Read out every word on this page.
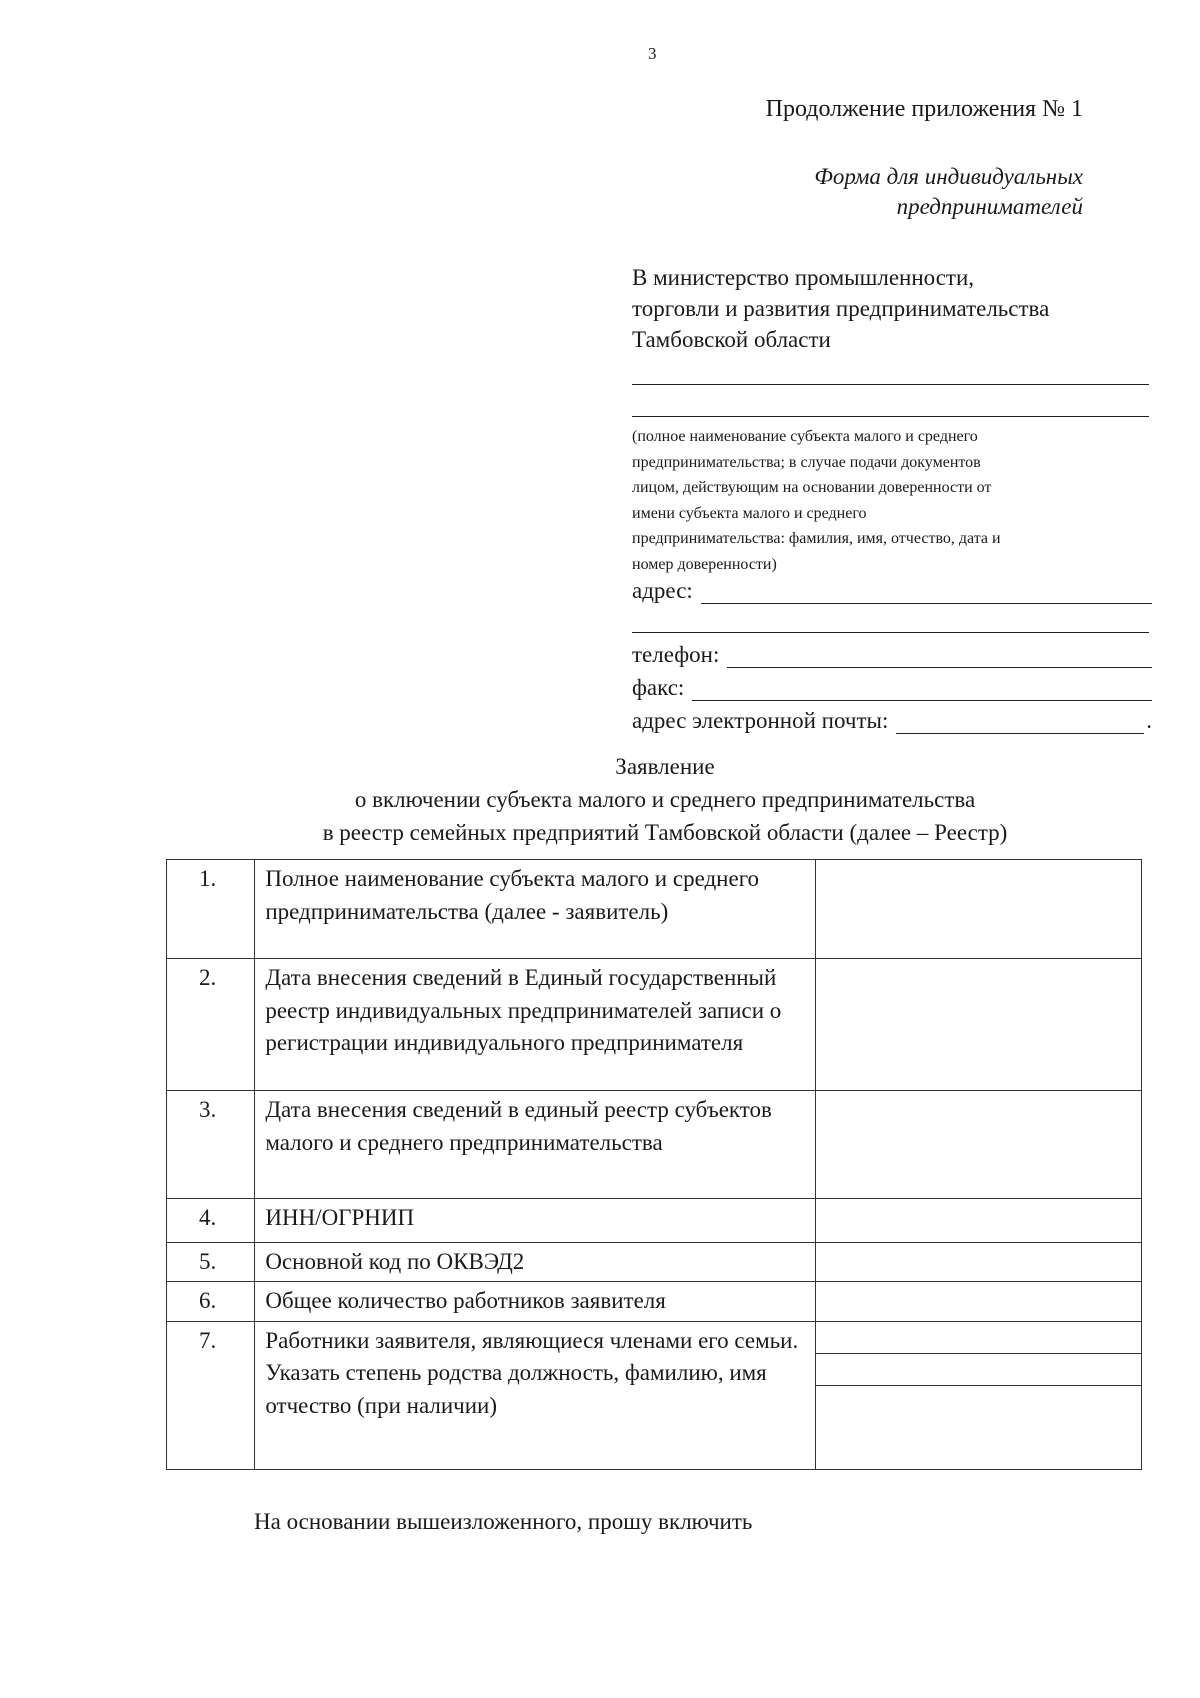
3
Продолжение приложения № 1
Форма для индивидуальных
предпринимателей
В министерство промышленности,
торговли и развития предпринимательства
Тамбовской области
(полное наименование субъекта малого и среднего
предпринимательства; в случае подачи документов
лицом, действующим на основании доверенности от
имени субъекта малого и среднего
предпринимательства: фамилия, имя, отчество, дата и
номер доверенности)
адрес:
телефон:
факс:
адрес электронной почты:	.
Заявление
о включении субъекта малого и среднего предпринимательства
в реестр семейных предприятий Тамбовской области (далее – Реестр)
1.	Полное наименование субъекта малого и среднего предпринимательства (далее - заявитель)	
2.	Дата внесения сведений в Единый государственный реестр индивидуальных предпринимателей записи о регистрации индивидуального предпринимателя	
3.	Дата внесения сведений в единый реестр субъектов малого и среднего предпринимательства	
4.	ИНН/ОГРНИП	
5.	Основной код по ОКВЭД2	
6.	Общее количество работников заявителя	
7.	Работники заявителя, являющиеся членами его семьи. Указать степень родства должность, фамилию, имя отчество (при наличии)	
На основании вышеизложенного, прошу включить
